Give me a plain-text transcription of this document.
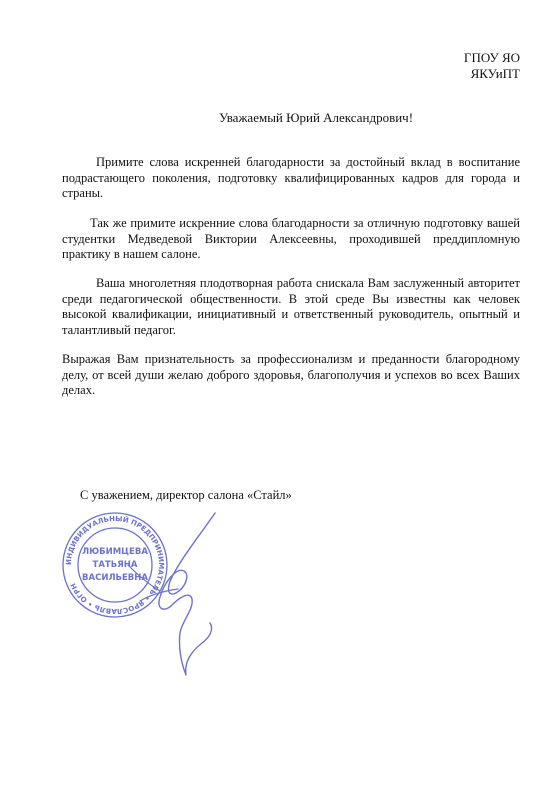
ГПОУ ЯО
ЯКУиПТ
Уважаемый Юрий Александрович!
Примите слова искренней благодарности за достойный вклад в воспитание подрастающего поколения, подготовку квалифицированных кадров для города и страны.
Так же примите искренние слова благодарности за отличную подготовку вашей студентки Медведевой Виктории Алексеевны, проходившей преддипломную практику в нашем салоне.
Ваша многолетняя плодотворная работа снискала Вам заслуженный авторитет среди педагогической общественности. В этой среде Вы известны как человек высокой квалификации, инициативный и ответственный руководитель, опытный и талантливый педагог.
Выражая Вам признательность за профессионализм и преданности благородному делу, от всей души желаю доброго здоровья, благополучия и успехов во всех Ваших делах.
С уважением, директор салона «Стайл»
ИНДИВИДУАЛЬНЫЙ ПРЕДПРИНИМАТЕЛЬ • ЯРОСЛАВЛЬ • ОГРН
ЛЮБИМЦЕВА
ТАТЬЯНА
ВАСИЛЬЕВНА
